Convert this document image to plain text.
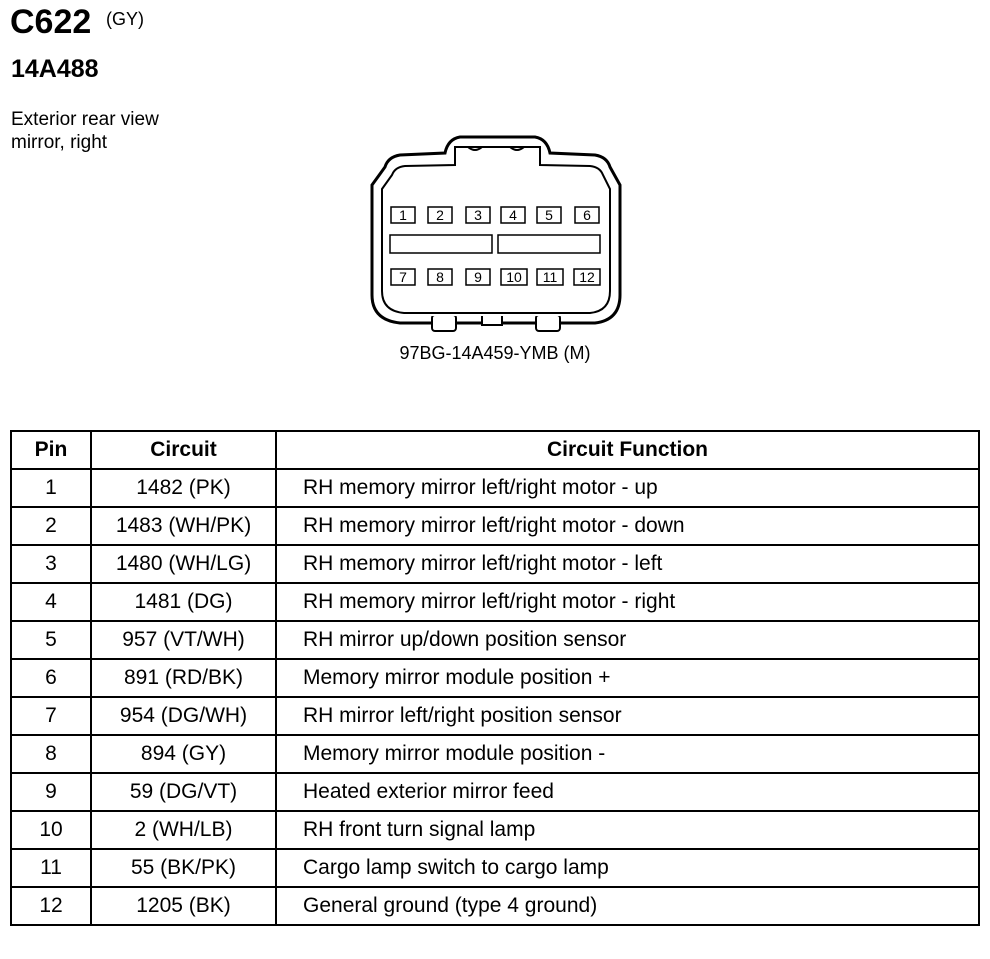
C622 (GY)
14A488
Exterior rear view
mirror, right
1 2 3 4 5 6
7 8 9 10 11 12
97BG-14A459-YMB (M)
Pin	Circuit	Circuit Function
1	1482 (PK)	RH memory mirror left/right motor - up
2	1483 (WH/PK)	RH memory mirror left/right motor - down
3	1480 (WH/LG)	RH memory mirror left/right motor - left
4	1481 (DG)	RH memory mirror left/right motor - right
5	957 (VT/WH)	RH mirror up/down position sensor
6	891 (RD/BK)	Memory mirror module position +
7	954 (DG/WH)	RH mirror left/right position sensor
8	894 (GY)	Memory mirror module position -
9	59 (DG/VT)	Heated exterior mirror feed
10	2 (WH/LB)	RH front turn signal lamp
11	55 (BK/PK)	Cargo lamp switch to cargo lamp
12	1205 (BK)	General ground (type 4 ground)
